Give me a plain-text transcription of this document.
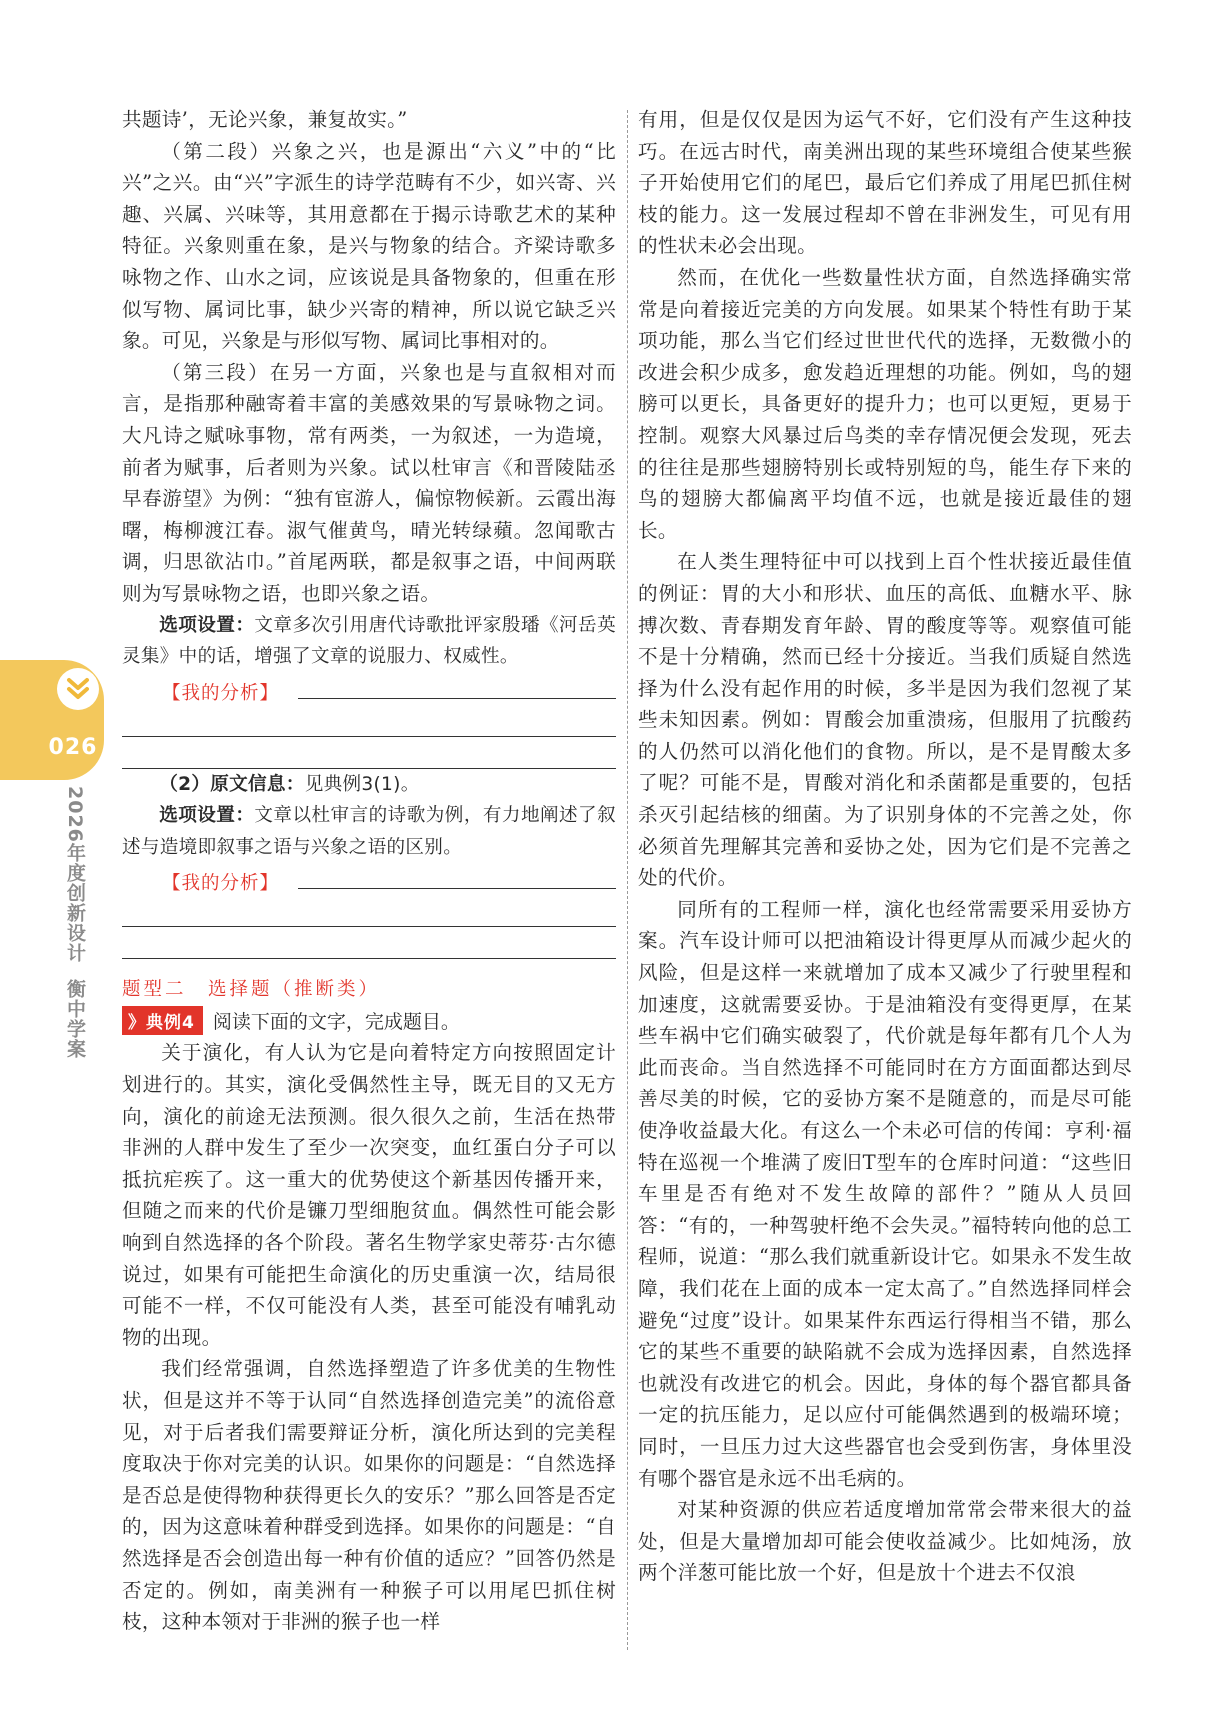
026
2026年度创新设计衡中学案

共题诗’，无论兴象，兼复故实。”

（第二段）兴象之兴，也是源出“六义”中的“比兴”之兴。由“兴”字派生的诗学范畴有不少，如兴寄、兴趣、兴属、兴味等，其用意都在于揭示诗歌艺术的某种特征。兴象则重在象，是兴与物象的结合。齐梁诗歌多咏物之作、山水之词，应该说是具备物象的，但重在形似写物、属词比事，缺少兴寄的精神，所以说它缺乏兴象。可见，兴象是与形似写物、属词比事相对的。

（第三段）在另一方面，兴象也是与直叙相对而言，是指那种融寄着丰富的美感效果的写景咏物之词。大凡诗之赋咏事物，常有两类，一为叙述，一为造境，前者为赋事，后者则为兴象。试以杜审言《和晋陵陆丞早春游望》为例：“独有宦游人，偏惊物候新。云霞出海曙，梅柳渡江春。淑气催黄鸟，晴光转绿蘋。忽闻歌古调，归思欲沾巾。”首尾两联，都是叙事之语，中间两联则为写景咏物之语，也即兴象之语。

选项设置：文章多次引用唐代诗歌批评家殷璠《河岳英灵集》中的话，增强了文章的说服力、权威性。

【我的分析】

（2）原文信息：见典例3(1)。

选项设置：文章以杜审言的诗歌为例，有力地阐述了叙述与造境即叙事之语与兴象之语的区别。

【我的分析】
题型二　选择题（推断类）
》典例4 阅读下面的文字，完成题目。

关于演化，有人认为它是向着特定方向按照固定计划进行的。其实，演化受偶然性主导，既无目的又无方向，演化的前途无法预测。很久很久之前，生活在热带非洲的人群中发生了至少一次突变，血红蛋白分子可以抵抗疟疾了。这一重大的优势使这个新基因传播开来，但随之而来的代价是镰刀型细胞贫血。偶然性可能会影响到自然选择的各个阶段。著名生物学家史蒂芬·古尔德说过，如果有可能把生命演化的历史重演一次，结局很可能不一样，不仅可能没有人类，甚至可能没有哺乳动物的出现。

我们经常强调，自然选择塑造了许多优美的生物性状，但是这并不等于认同“自然选择创造完美”的流俗意见，对于后者我们需要辩证分析，演化所达到的完美程度取决于你对完美的认识。如果你的问题是：“自然选择是否总是使得物种获得更长久的安乐？”那么回答是否定的，因为这意味着种群受到选择。如果你的问题是：“自然选择是否会创造出每一种有价值的适应？”回答仍然是否定的。例如，南美洲有一种猴子可以用尾巴抓住树枝，这种本领对于非洲的猴子也一样

有用，但是仅仅是因为运气不好，它们没有产生这种技巧。在远古时代，南美洲出现的某些环境组合使某些猴子开始使用它们的尾巴，最后它们养成了用尾巴抓住树枝的能力。这一发展过程却不曾在非洲发生，可见有用的性状未必会出现。

然而，在优化一些数量性状方面，自然选择确实常常是向着接近完美的方向发展。如果某个特性有助于某项功能，那么当它们经过世世代代的选择，无数微小的改进会积少成多，愈发趋近理想的功能。例如，鸟的翅膀可以更长，具备更好的提升力；也可以更短，更易于控制。观察大风暴过后鸟类的幸存情况便会发现，死去的往往是那些翅膀特别长或特别短的鸟，能生存下来的鸟的翅膀大都偏离平均值不远，也就是接近最佳的翅长。

在人类生理特征中可以找到上百个性状接近最佳值的例证：胃的大小和形状、血压的高低、血糖水平、脉搏次数、青春期发育年龄、胃的酸度等等。观察值可能不是十分精确，然而已经十分接近。当我们质疑自然选择为什么没有起作用的时候，多半是因为我们忽视了某些未知因素。例如：胃酸会加重溃疡，但服用了抗酸药的人仍然可以消化他们的食物。所以，是不是胃酸太多了呢？可能不是，胃酸对消化和杀菌都是重要的，包括杀灭引起结核的细菌。为了识别身体的不完善之处，你必须首先理解其完善和妥协之处，因为它们是不完善之处的代价。

同所有的工程师一样，演化也经常需要采用妥协方案。汽车设计师可以把油箱设计得更厚从而减少起火的风险，但是这样一来就增加了成本又减少了行驶里程和加速度，这就需要妥协。于是油箱没有变得更厚，在某些车祸中它们确实破裂了，代价就是每年都有几个人为此而丧命。当自然选择不可能同时在方方面面都达到尽善尽美的时候，它的妥协方案不是随意的，而是尽可能使净收益最大化。有这么一个未必可信的传闻：亨利·福特在巡视一个堆满了废旧T型车的仓库时问道：“这些旧车里是否有绝对不发生故障的部件？”随从人员回答：“有的，一种驾驶杆绝不会失灵。”福特转向他的总工程师，说道：“那么我们就重新设计它。如果永不发生故障，我们花在上面的成本一定太高了。”自然选择同样会避免“过度”设计。如果某件东西运行得相当不错，那么它的某些不重要的缺陷就不会成为选择因素，自然选择也就没有改进它的机会。因此，身体的每个器官都具备一定的抗压能力，足以应付可能偶然遇到的极端环境；同时，一旦压力过大这些器官也会受到伤害，身体里没有哪个器官是永远不出毛病的。

对某种资源的供应若适度增加常常会带来很大的益处，但是大量增加却可能会使收益减少。比如炖汤，放两个洋葱可能比放一个好，但是放十个进去不仅浪
